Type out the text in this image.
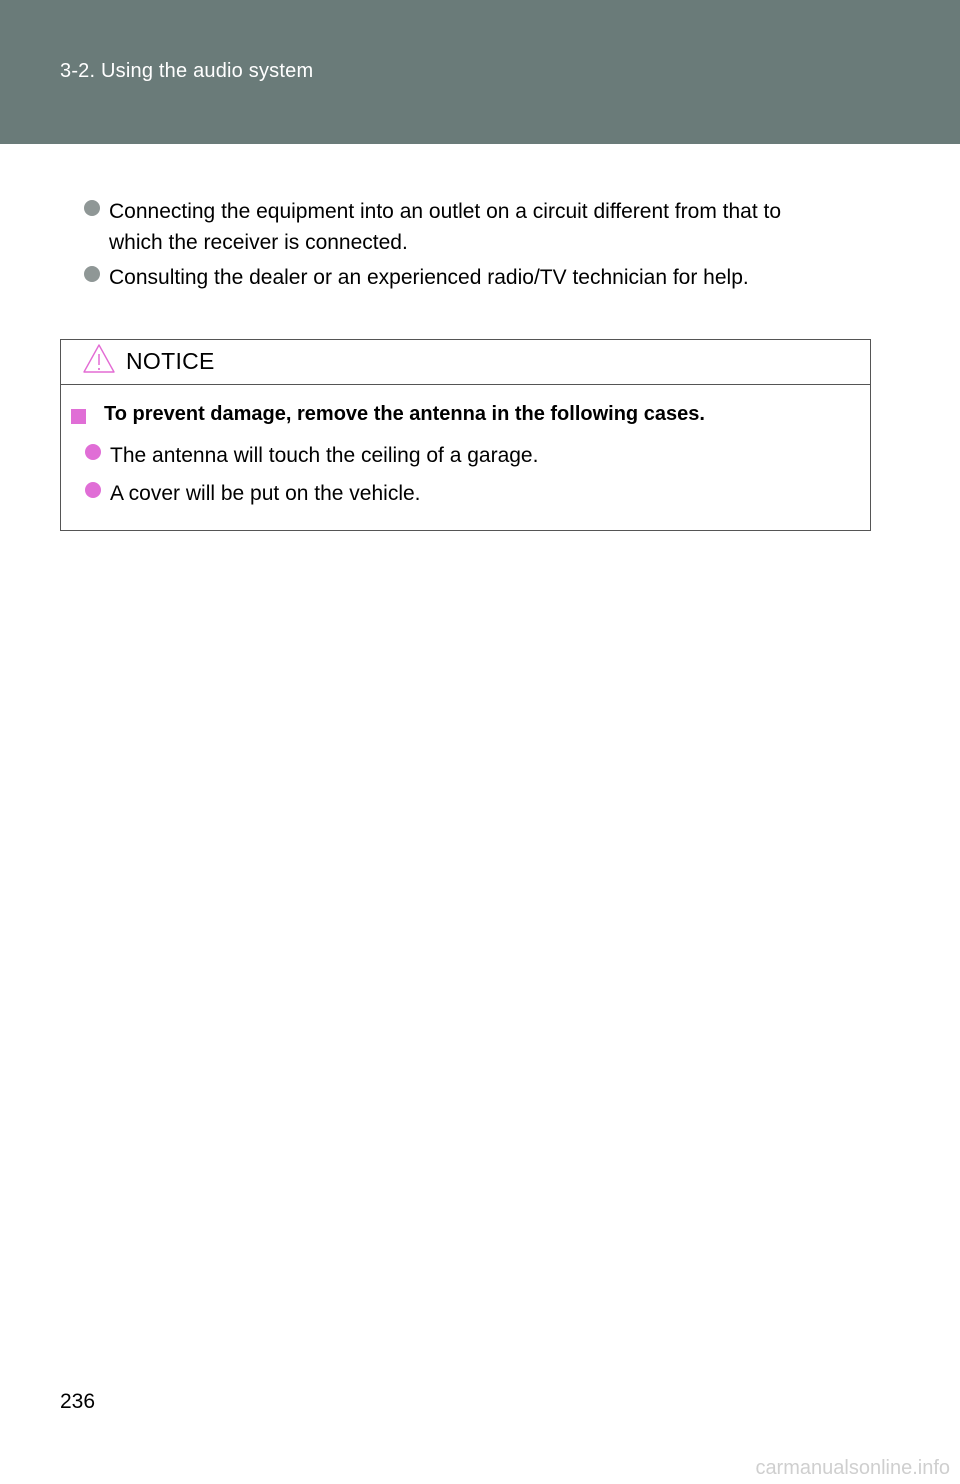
3-2. Using the audio system
Connecting the equipment into an outlet on a circuit different from that to
which the receiver is connected.
Consulting the dealer or an experienced radio/TV technician for help.
NOTICE
To prevent damage, remove the antenna in the following cases.
The antenna will touch the ceiling of a garage.
A cover will be put on the vehicle.
236
carmanualsonline.info
